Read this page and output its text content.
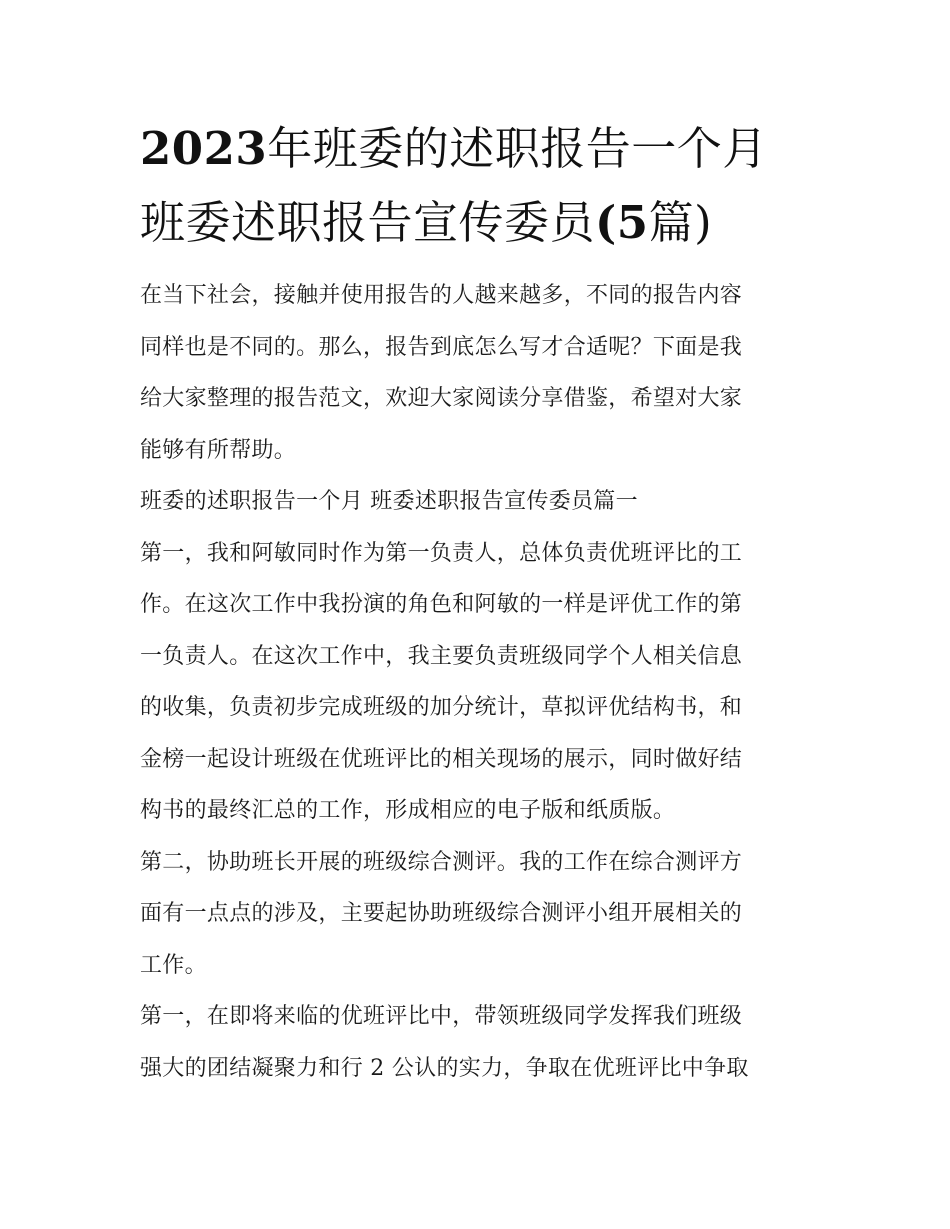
2023年班委的述职报告一个月
班委述职报告宣传委员(5篇)

在当下社会，接触并使用报告的人越来越多，不同的报告内容
同样也是不同的。那么，报告到底怎么写才合适呢？下面是我
给大家整理的报告范文，欢迎大家阅读分享借鉴，希望对大家
能够有所帮助。

班委的述职报告一个月 班委述职报告宣传委员篇一

第一，我和阿敏同时作为第一负责人，总体负责优班评比的工
作。在这次工作中我扮演的角色和阿敏的一样是评优工作的第
一负责人。在这次工作中，我主要负责班级同学个人相关信息
的收集，负责初步完成班级的加分统计，草拟评优结构书，和
金榜一起设计班级在优班评比的相关现场的展示，同时做好结
构书的最终汇总的工作，形成相应的电子版和纸质版。

第二，协助班长开展的班级综合测评。我的工作在综合测评方
面有一点点的涉及，主要起协助班级综合测评小组开展相关的
工作。

第一，在即将来临的优班评比中，带领班级同学发挥我们班级
强大的团结凝聚力和行 2 公认的实力，争取在优班评比中争取
